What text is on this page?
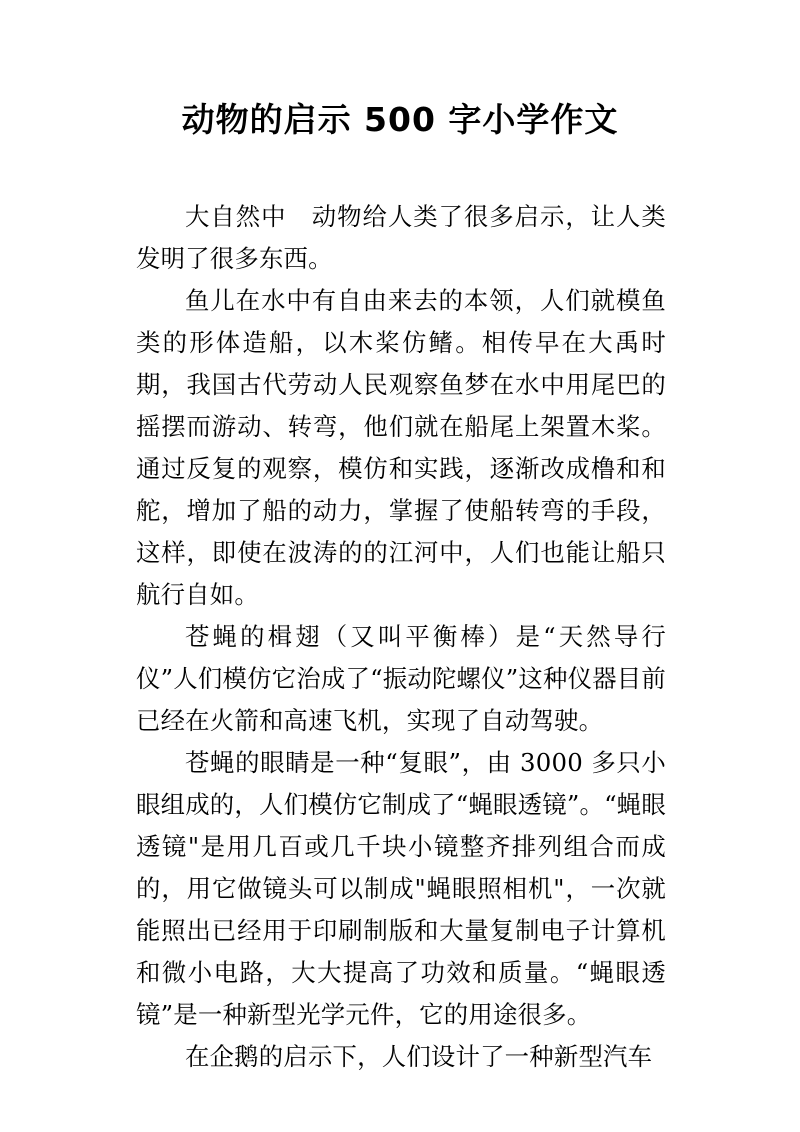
动物的启示 500 字小学作文

大自然中　动物给人类了很多启示，让人类发明了很多东西。

鱼儿在水中有自由来去的本领，人们就模鱼类的形体造船，以木桨仿鳍。相传早在大禹时期，我国古代劳动人民观察鱼梦在水中用尾巴的摇摆而游动、转弯，他们就在船尾上架置木桨。通过反复的观察，模仿和实践，逐渐改成橹和和舵，增加了船的动力，掌握了使船转弯的手段，这样，即使在波涛的的江河中，人们也能让船只航行自如。

苍蝇的楫翅（又叫平衡棒）是“天然导行仪”人们模仿它治成了“振动陀螺仪”这种仪器目前已经在火箭和高速飞机，实现了自动驾驶。

苍蝇的眼睛是一种“复眼”，由 3000 多只小眼组成的，人们模仿它制成了“蝇眼透镜”。“蝇眼透镜"是用几百或几千块小镜整齐排列组合而成的，用它做镜头可以制成"蝇眼照相机"，一次就能照出已经用于印刷制版和大量复制电子计算机和微小电路，大大提高了功效和质量。“蝇眼透镜”是一种新型光学元件，它的用途很多。

在企鹅的启示下，人们设计了一种新型汽车
